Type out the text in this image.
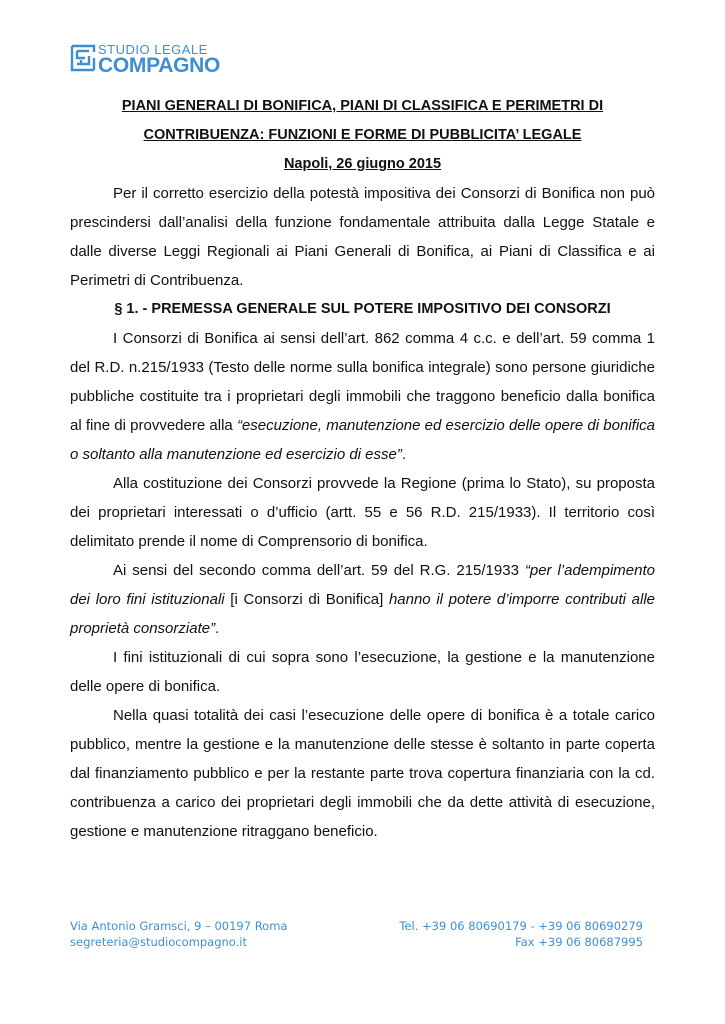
STUDIO LEGALE
COMPAGNO

PIANI GENERALI DI BONIFICA, PIANI DI CLASSIFICA E PERIMETRI DI

CONTRIBUENZA: FUNZIONI E FORME DI PUBBLICITA’ LEGALE

Napoli, 26 giugno 2015

Per il corretto esercizio della potestà impositiva dei Consorzi di Bonifica non può prescindersi dall’analisi della funzione fondamentale attribuita dalla Legge Statale e dalle diverse Leggi Regionali ai Piani Generali di Bonifica, ai Piani di Classifica e ai Perimetri di Contribuenza.

§ 1. - PREMESSA GENERALE SUL POTERE IMPOSITIVO DEI CONSORZI

I Consorzi di Bonifica ai sensi dell’art. 862 comma 4 c.c. e dell’art. 59 comma 1 del R.D. n.215/1933 (Testo delle norme sulla bonifica integrale) sono persone giuridiche pubbliche costituite tra i proprietari degli immobili che traggono beneficio dalla bonifica al fine di provvedere alla “esecuzione, manutenzione ed esercizio delle opere di bonifica o soltanto alla manutenzione ed esercizio di esse”.

Alla costituzione dei Consorzi provvede la Regione (prima lo Stato), su proposta dei proprietari interessati o d’ufficio (artt. 55 e 56 R.D. 215/1933). Il territorio così delimitato prende il nome di Comprensorio di bonifica.

Ai sensi del secondo comma dell’art. 59 del R.G. 215/1933 “per l’adempimento dei loro fini istituzionali [i Consorzi di Bonifica] hanno il potere d’imporre contributi alle proprietà consorziate”.

I fini istituzionali di cui sopra sono l’esecuzione, la gestione e la manutenzione delle opere di bonifica.

Nella quasi totalità dei casi l’esecuzione delle opere di bonifica è a totale carico pubblico, mentre la gestione e la manutenzione delle stesse è soltanto in parte coperta dal finanziamento pubblico e per la restante parte trova copertura finanziaria con la cd. contribuenza a carico dei proprietari degli immobili che da dette attività di esecuzione, gestione e manutenzione ritraggano beneficio.

Via Antonio Gramsci, 9 – 00197 Roma	Tel. +39 06 80690179 - +39 06 80690279
segreteria@studiocompagno.it	Fax +39 06 80687995
